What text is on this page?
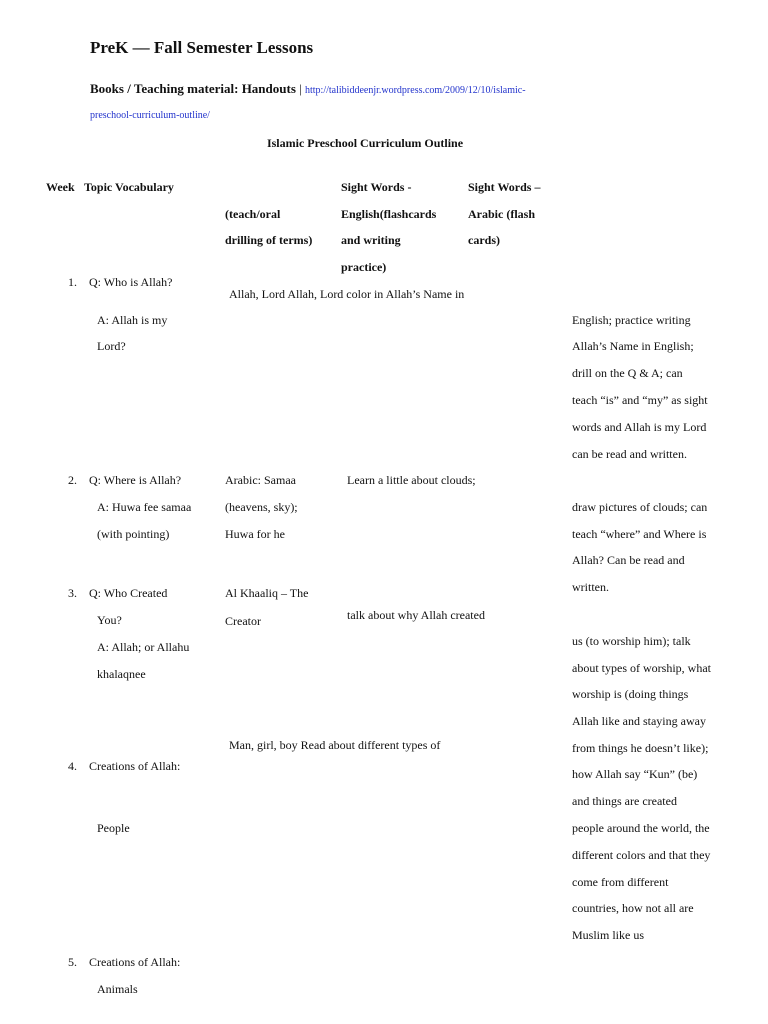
PreK — Fall Semester Lessons
Books / Teaching material: Handouts | http://talibiddeenjr.wordpress.com/2009/12/10/islamic-
preschool-curriculum-outline/
Islamic Preschool Curriculum Outline
Week Topic Vocabulary
(teach/oral
drilling of terms)
Sight Words -
English(flashcards
and writing
practice)
Sight Words –
Arabic (flash
cards)
1. Q: Who is Allah?
A: Allah is my
Lord?
Allah, Lord Allah, Lord color in Allah’s Name in
English; practice writing
Allah’s Name in English;
drill on the Q & A; can
teach “is” and “my” as sight
words and Allah is my Lord
can be read and written.
2. Q: Where is Allah?
A: Huwa fee samaa
(with pointing)
Arabic: Samaa
(heavens, sky);
Huwa for he
Learn a little about clouds;
draw pictures of clouds; can
teach “where” and Where is
Allah? Can be read and
written.
3. Q: Who Created
You?
A: Allah; or Allahu
khalaqnee
Al Khaaliq – The
Creator	talk about why Allah created
us (to worship him); talk
about types of worship, what
worship is (doing things
Allah like and staying away
from things he doesn’t like);
how Allah say “Kun” (be)
and things are created
Man, girl, boy Read about different types of
4. Creations of Allah:
People	people around the world, the
different colors and that they
come from different
countries, how not all are
Muslim like us
5. Creations of Allah:
Animals
